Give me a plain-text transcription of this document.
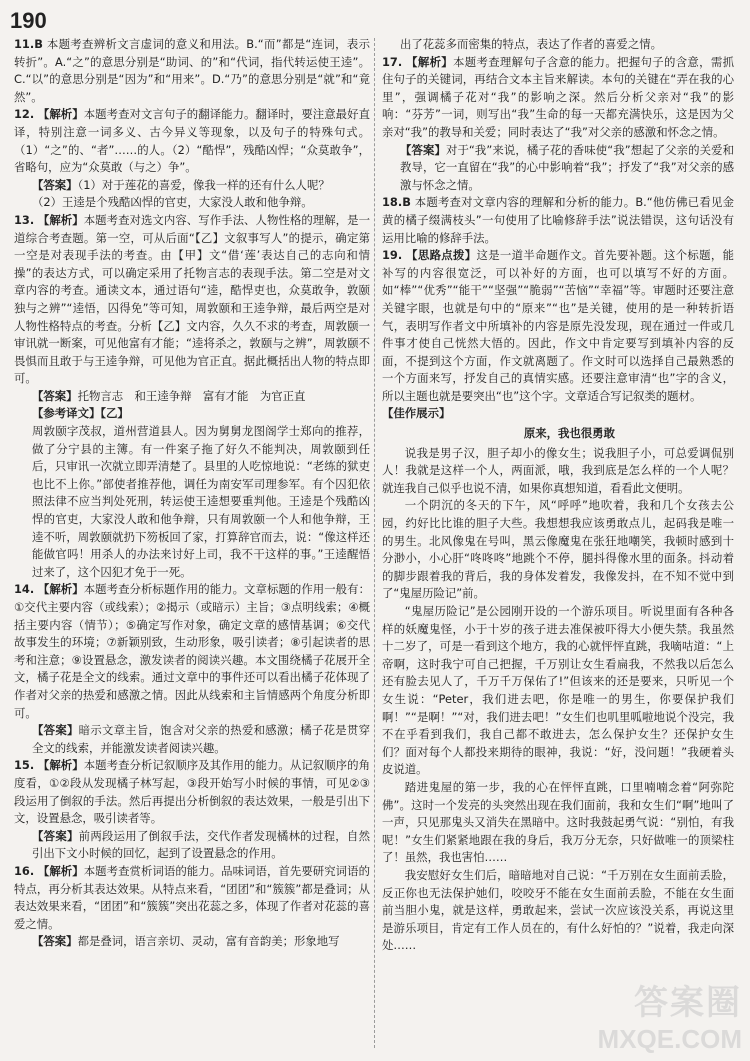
190

11.B 本题考查辨析文言虚词的意义和用法。B.“而”都是“连词，表示转折”。A.“之”的意思分别是“助词、的”和“代词，指代转运使王逵”。C.“以”的意思分别是“因为”和“用来”。D.“乃”的意思分别是“就”和“竟然”。

12. 【解析】本题考查对文言句子的翻译能力。翻译时，要注意最好直译，特别注意一词多义、古今异义等现象，以及句子的特殊句式。（1）“之”的、“者”……的人。（2）“酷悍”，残酷凶悍；“众莫敢争”，省略句，应为“众莫敢（与之）争”。

【答案】（1）对于莲花的喜爱，像我一样的还有什么人呢？

（2）王逵是个残酷凶悍的官吏，大家没人敢和他争辩。

13. 【解析】本题考查对选文内容、写作手法、人物性格的理解，是一道综合考查题。第一空，可从后面“【乙】文叙事写人”的提示，确定第一空是对表现手法的考查。由【甲】文“借‘莲’表达自己的志向和情操”的表达方式，可以确定采用了托物言志的表现手法。第二空是对文章内容的考查。通读文本，通过语句“逵，酷悍吏也，众莫敢争，敦颐独与之辨”“逵悟，囚得免”等可知，周敦颐和王逵争辩，最后两空是对人物性格特点的考查。分析【乙】文内容，久久不求的考查，周敦颐一审讯就一断案，可见他富有才能；“逵将杀之，敦颐与之辨”，周敦颐不畏惧而且敢于与王逵争辩，可见他为官正直。据此概括出人物的特点即可。

【答案】托物言志　和王逵争辩　富有才能　为官正直

【参考译文】【乙】

周敦颐字茂叔，道州营道县人。因为舅舅龙图阁学士郑向的推荐，做了分宁县的主簿。有一件案子拖了好久不能判决，周敦颐到任后，只审讯一次就立即弄清楚了。县里的人吃惊地说：“老练的狱吏也比不上你。”部使者推荐他，调任为南安军司理参军。有个囚犯依照法律不应当判处死刑，转运使王逵想要重判他。王逵是个残酷凶悍的官吏，大家没人敢和他争辩，只有周敦颐一个人和他争辩，王逵不听，周敦颐就扔下笏板回了家，打算辞官而去，说：“像这样还能做官吗！用杀人的办法来讨好上司，我不干这样的事。”王逵醒悟过来了，这个囚犯才免于一死。

14. 【解析】本题考查分析标题作用的能力。文章标题的作用一般有：①交代主要内容（或线索）；②揭示（或暗示）主旨；③点明线索；④概括主要内容（情节）；⑤确定写作对象，确定文章的感情基调；⑥交代故事发生的环境；⑦新颖别致，生动形象，吸引读者；⑧引起读者的思考和注意；⑨设置悬念，激发读者的阅读兴趣。本文围绕橘子花展开全文，橘子花是全文的线索。通过文章中的事件还可以看出橘子花体现了作者对父亲的热爱和感激之情。因此从线索和主旨情感两个角度分析即可。

【答案】暗示文章主旨，饱含对父亲的热爱和感激；橘子花是贯穿全文的线索，并能激发读者阅读兴趣。

15. 【解析】本题考查分析记叙顺序及其作用的能力。从记叙顺序的角度看，①②段从发现橘子林写起，③段开始写小时候的事情，可见②③段运用了倒叙的手法。然后再提出分析倒叙的表达效果，一般是引出下文，设置悬念，吸引读者等。

【答案】前两段运用了倒叙手法，交代作者发现橘林的过程，自然引出下文小时候的回忆，起到了设置悬念的作用。

16. 【解析】本题考查赏析词语的能力。品味词语，首先要研究词语的特点，再分析其表达效果。从特点来看，“团团”和“簇簇”都是叠词；从表达效果来看，“团团”和“簇簇”突出花蕊之多，体现了作者对花蕊的喜爱之情。

【答案】都是叠词，语言亲切、灵动，富有音韵美；形象地写

出了花蕊多而密集的特点，表达了作者的喜爱之情。

17. 【解析】本题考查理解句子含意的能力。把握句子的含意，需抓住句子的关键词，再结合文本主旨来解读。本句的关键在“弄在我的心里”，强调橘子花对“我”的影响之深。然后分析父亲对“我”的影响：“芬芳”一词，则写出“我”生命的每一天都充满快乐，这是因为父亲对“我”的教导和关爱；同时表达了“我”对父亲的感激和怀念之情。

【答案】对于“我”来说，橘子花的香味使“我”想起了父亲的关爱和教导，它一直留在“我”的心中影响着“我”；抒发了“我”对父亲的感激与怀念之情。

18.B 本题考查对文章内容的理解和分析的能力。B.“他仿佛已看见金黄的橘子缀满枝头”一句使用了比喻修辞手法”说法错误，这句话没有运用比喻的修辞手法。

19. 【思路点拨】这是一道半命题作文。首先要补题。这个标题，能补写的内容很宽泛，可以补好的方面，也可以填写不好的方面。如“棒”“优秀”“能干”“坚强”“脆弱”“苦恼”“幸福”等。审题时还要注意关键字眼，也就是句中的“原来”“也”是关键，使用的是一种转折语气，表明写作者文中所填补的内容是原先没发现，现在通过一件或几件事才使自己恍然大悟的。因此，作文中肯定要写到填补内容的反面，不提到这个方面，作文就离题了。作文时可以选择自己最熟悉的一个方面来写，抒发自己的真情实感。还要注意审清“也”字的含义，所以主题也就是要突出“也”这个字。文章适合写记叙类的题材。

【佳作展示】

原来，我也很勇敢

说我是男子汉，胆子却小的像女生；说我胆子小，可总爱调侃别人！我就是这样一个人，两面派，哦，我到底是怎么样的一个人呢？就连我自己似乎也说不清，如果你真想知道，看看此文便明。

一个阴沉的冬天的下午，风“呼呼”地吹着，我和几个女孩去公园，约好比比谁的胆子大些。我想想我应该勇敢点儿，起码我是唯一的男生。北风像鬼在号叫，黑云像魔鬼在张狂地嘲笑，我顿时感到十分渺小，小心肝“咚咚咚”地跳个不停，腿抖得像水里的面条。抖动着的脚步跟着我的背后，我的身体发着发，我像发抖，在不知不觉中到了“鬼屋历险记”前。

“鬼屋历险记”是公园刚开设的一个游乐项目。听说里面有各种各样的妖魔鬼怪，小于十岁的孩子进去准保被吓得大小便失禁。我虽然十二岁了，可是一看到这个地方，我的心就怦怦直跳，我嘀咕道：“上帝啊，这时我宁可自己把握，千万别让女生看扁我，不然我以后怎么还有脸去见人了，千万千万保佑了!”但该来的还是要来，只听见一个女生说：“Peter，我们进去吧，你是唯一的男生，你要保护我们啊！”“是啊！”“对，我们进去吧！”女生们也叽里呱啦地说个没完，我不在乎看到我们，我自己都不敢进去，怎么保护女生？还保护女生们？面对每个人都投来期待的眼神，我说：“好，没问题！”我硬着头皮说道。

踏进鬼屋的第一步，我的心在怦怦直跳，口里喃喃念着“阿弥陀佛”。这时一个发亮的头突然出现在我们面前，我和女生们“啊”地叫了一声，只见那鬼头又消失在黑暗中。这时我鼓起勇气说：“别怕，有我呢！”女生们紧紧地跟在我的身后，我万分无奈，只好做唯一的顶梁柱了！虽然，我也害怕……

我安慰好女生们后，暗暗地对自己说：“千万别在女生面前丢脸，反正你也无法保护她们，咬咬牙不能在女生面前丢脸，不能在女生面前当胆小鬼，就是这样，勇敢起来，尝试一次应该没关系，再说这里是游乐项目，肯定有工作人员在的，有什么好怕的？”说着，我走向深处……

答案圈
MXQE.COM
